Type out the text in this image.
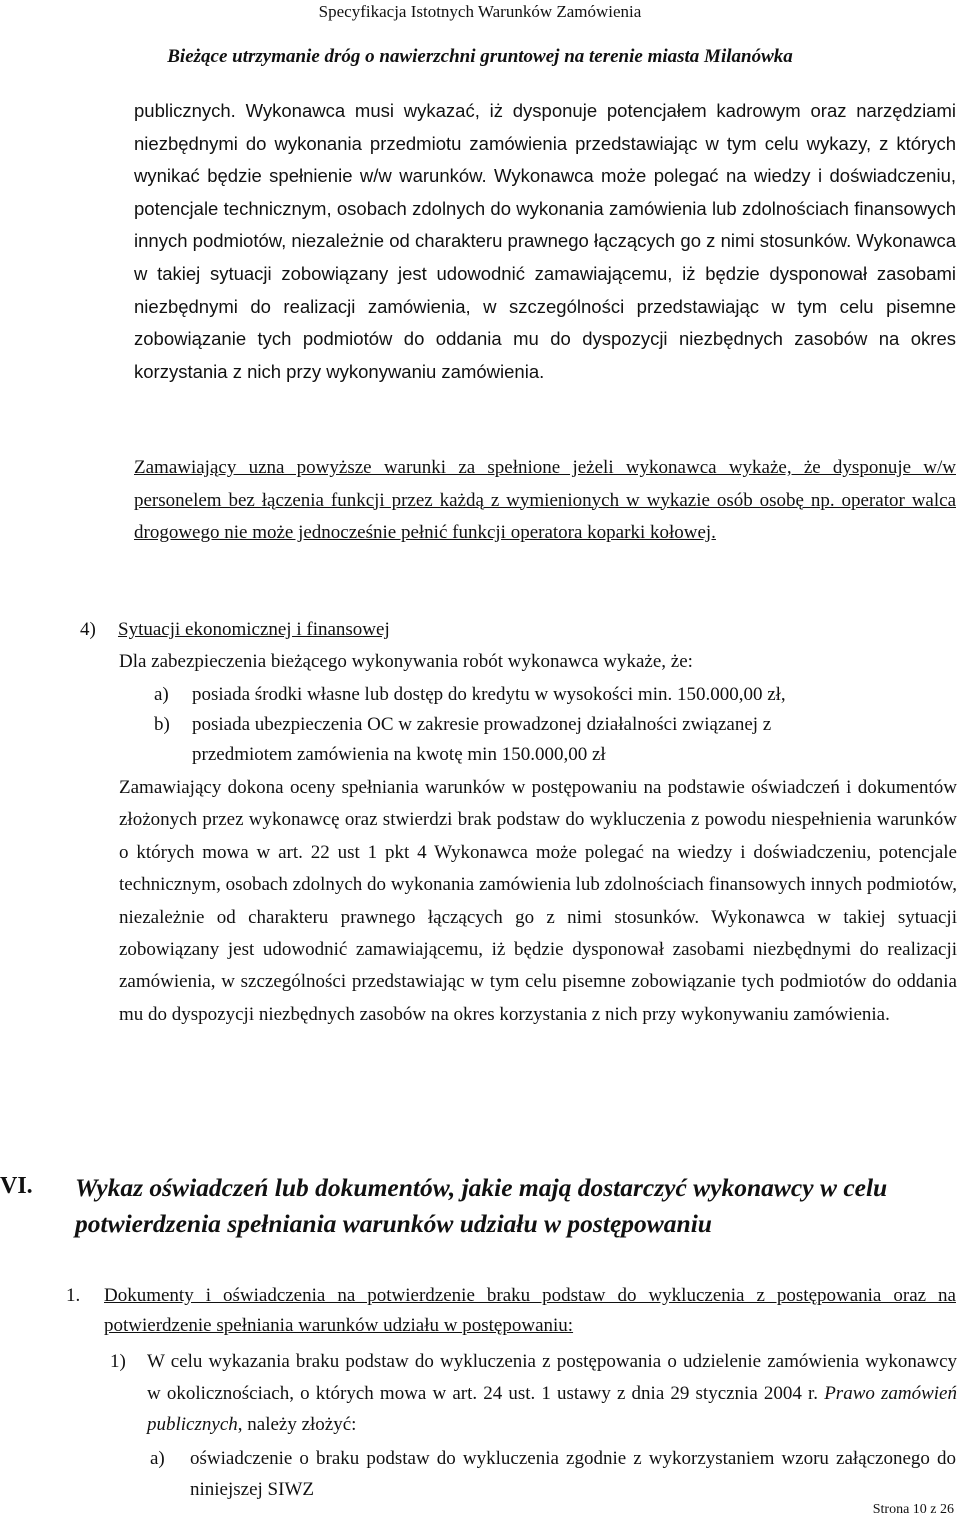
Specyfikacja Istotnych Warunków Zamówienia
Bieżące utrzymanie dróg o nawierzchni gruntowej na terenie miasta Milanówka

publicznych. Wykonawca musi wykazać, iż dysponuje potencjałem kadrowym oraz narzędziami niezbędnymi do wykonania przedmiotu zamówienia przedstawiając w tym celu wykazy, z których wynikać będzie spełnienie w/w warunków. Wykonawca może polegać na wiedzy i doświadczeniu, potencjale technicznym, osobach zdolnych do wykonania zamówienia lub zdolnościach finansowych innych podmiotów, niezależnie od charakteru prawnego łączących go z nimi stosunków. Wykonawca w takiej sytuacji zobowiązany jest udowodnić zamawiającemu, iż będzie dysponował zasobami niezbędnymi do realizacji zamówienia, w szczególności przedstawiając w tym celu pisemne zobowiązanie tych podmiotów do oddania mu do dyspozycji niezbędnych zasobów na okres korzystania z nich przy wykonywaniu zamówienia.

Zamawiający uzna powyższe warunki za spełnione jeżeli wykonawca wykaże, że dysponuje w/w personelem bez łączenia funkcji przez każdą z wymienionych w wykazie osób osobę np. operator walca drogowego nie może jednocześnie pełnić funkcji operatora koparki kołowej.

4) Sytuacji ekonomicznej i finansowej

Dla zabezpieczenia bieżącego wykonywania robót wykonawca wykaże, że:

a) posiada środki własne lub dostęp do kredytu w wysokości min. 150.000,00 zł,

b) posiada ubezpieczenia OC w zakresie prowadzonej działalności związanej z

przedmiotem zamówienia na kwotę min 150.000,00 zł

Zamawiający dokona oceny spełniania warunków w postępowaniu na podstawie oświadczeń i dokumentów złożonych przez wykonawcę oraz stwierdzi brak podstaw do wykluczenia z powodu niespełnienia warunków o których mowa w art. 22 ust 1 pkt 4 Wykonawca może polegać na wiedzy i doświadczeniu, potencjale technicznym, osobach zdolnych do wykonania zamówienia lub zdolnościach finansowych innych podmiotów, niezależnie od charakteru prawnego łączących go z nimi stosunków. Wykonawca w takiej sytuacji zobowiązany jest udowodnić zamawiającemu, iż będzie dysponował zasobami niezbędnymi do realizacji zamówienia, w szczególności przedstawiając w tym celu pisemne zobowiązanie tych podmiotów do oddania mu do dyspozycji niezbędnych zasobów na okres korzystania z nich przy wykonywaniu zamówienia.

VI. Wykaz oświadczeń lub dokumentów, jakie mają dostarczyć wykonawcy w celu potwierdzenia spełniania warunków udziału w postępowaniu

1. Dokumenty i oświadczenia na potwierdzenie braku podstaw do wykluczenia z postępowania oraz na potwierdzenie spełniania warunków udziału w postępowaniu:

1) W celu wykazania braku podstaw do wykluczenia z postępowania o udzielenie zamówienia wykonawcy w okolicznościach, o których mowa w art. 24 ust. 1 ustawy z dnia 29 stycznia 2004 r. Prawo zamówień publicznych, należy złożyć:

a) oświadczenie o braku podstaw do wykluczenia zgodnie z wykorzystaniem wzoru załączonego do niniejszej SIWZ

Strona 10 z 26
